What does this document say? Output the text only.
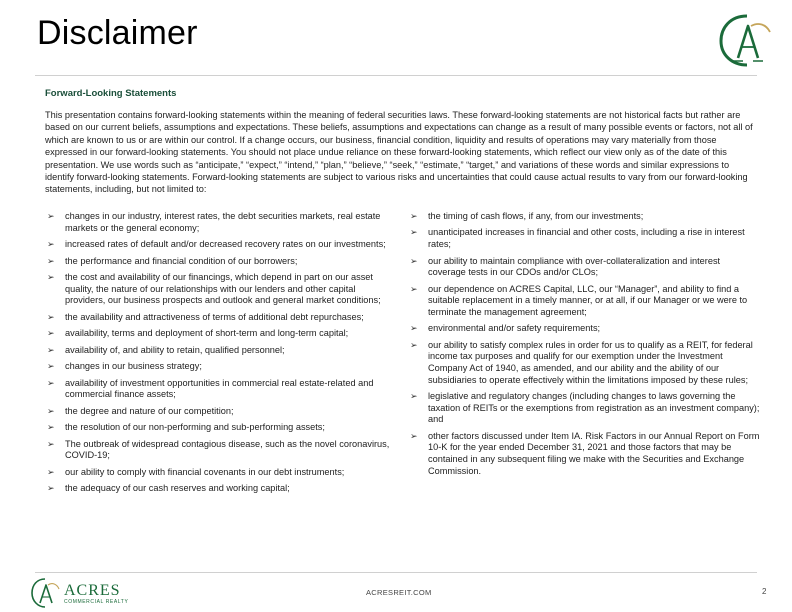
Disclaimer
Forward-Looking Statements

This presentation contains forward-looking statements within the meaning of federal securities laws. These forward-looking statements are not historical facts but rather are based on our current beliefs, assumptions and expectations. These beliefs, assumptions and expectations can change as a result of many possible events or factors, not all of which are known to us or are within our control. If a change occurs, our business, financial condition, liquidity and results of operations may vary materially from those expressed in our forward-looking statements. You should not place undue reliance on these forward-looking statements, which reflect our view only as of the date of this presentation. We use words such as “anticipate,” “expect,” “intend,” “plan,” “believe,” “seek,” “estimate,” “target,” and variations of these words and similar expressions to identify forward-looking statements. Forward-looking statements are subject to various risks and uncertainties that could cause actual results to vary from our forward-looking statements, including, but not limited to:

➢ changes in our industry, interest rates, the debt securities markets, real estate markets or the general economy;
➢ increased rates of default and/or decreased recovery rates on our investments;
➢ the performance and financial condition of our borrowers;
➢ the cost and availability of our financings, which depend in part on our asset quality, the nature of our relationships with our lenders and other capital providers, our business prospects and outlook and general market conditions;
➢ the availability and attractiveness of terms of additional debt repurchases;
➢ availability, terms and deployment of short-term and long-term capital;
➢ availability of, and ability to retain, qualified personnel;
➢ changes in our business strategy;
➢ availability of investment opportunities in commercial real estate-related and commercial finance assets;
➢ the degree and nature of our competition;
➢ the resolution of our non-performing and sub-performing assets;
➢ The outbreak of widespread contagious disease, such as the novel coronavirus, COVID-19;
➢ our ability to comply with financial covenants in our debt instruments;
➢ the adequacy of our cash reserves and working capital;
➢ the timing of cash flows, if any, from our investments;
➢ unanticipated increases in financial and other costs, including a rise in interest rates;
➢ our ability to maintain compliance with over-collateralization and interest coverage tests in our CDOs and/or CLOs;
➢ our dependence on ACRES Capital, LLC, our “Manager”, and ability to find a suitable replacement in a timely manner, or at all, if our Manager or we were to terminate the management agreement;
➢ environmental and/or safety requirements;
➢ our ability to satisfy complex rules in order for us to qualify as a REIT, for federal income tax purposes and qualify for our exemption under the Investment Company Act of 1940, as amended, and our ability and the ability of our subsidiaries to operate effectively within the limitations imposed by these rules;
➢ legislative and regulatory changes (including changes to laws governing the taxation of REITs or the exemptions from registration as an investment company); and
➢ other factors discussed under Item IA. Risk Factors in our Annual Report on Form 10-K for the year ended December 31, 2021 and those factors that may be contained in any subsequent filing we make with the Securities and Exchange Commission.
ACRES
COMMERCIAL REALTY
ACRESREIT.COM	2
